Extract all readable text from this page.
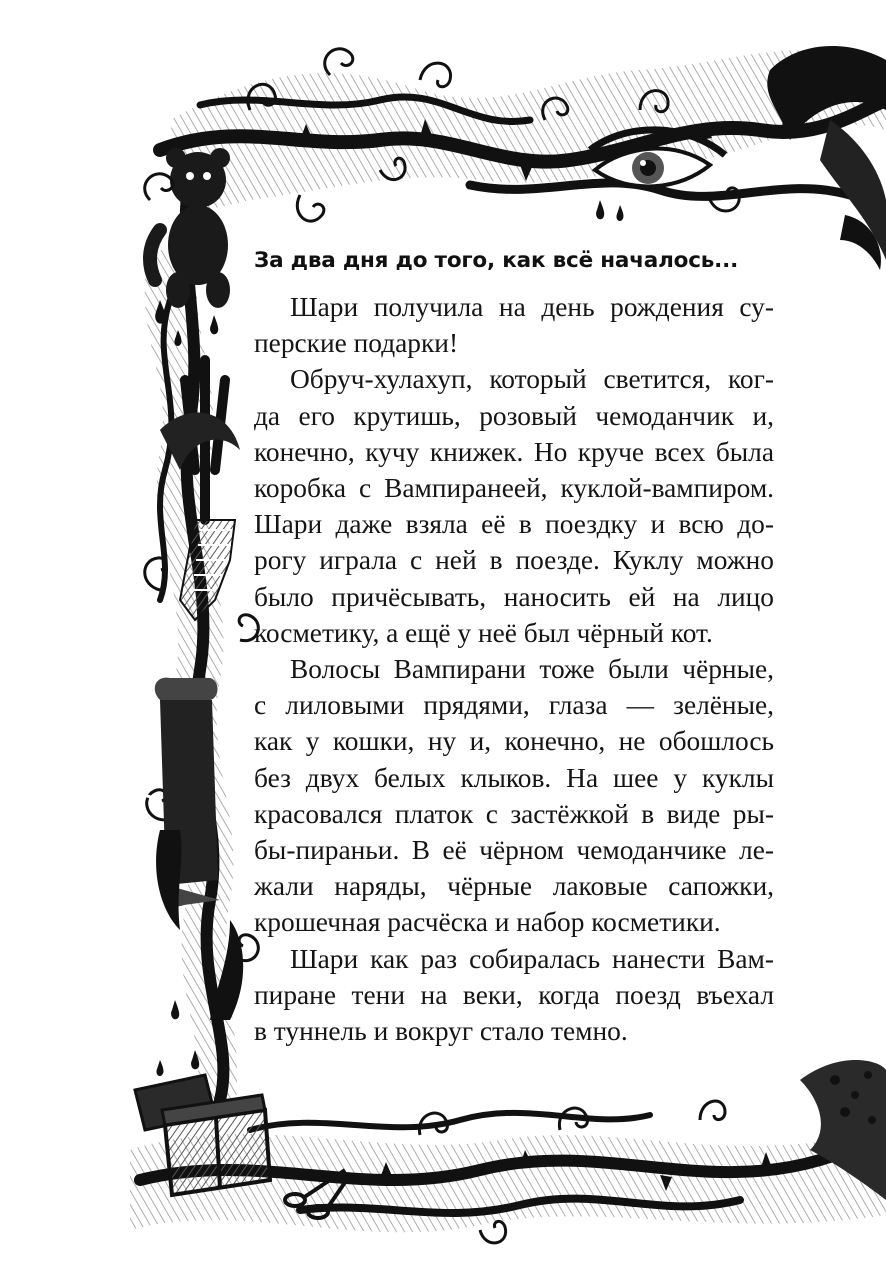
НИКОМУ
За два дня до того, как всё началось...

Шари получила на день рождения су-
перские подарки!

Обруч-хулахуп, который светится, ког-
да его крутишь, розовый чемоданчик и,
конечно, кучу книжек. Но круче всех была
коробка с Вампиранеей, куклой-вампиром.
Шари даже взяла её в поездку и всю до-
рогу играла с ней в поезде. Куклу можно
было причёсывать, наносить ей на лицо
косметику, а ещё у неё был чёрный кот.

Волосы Вампирани тоже были чёрные,
с лиловыми прядями, глаза — зелёные,
как у кошки, ну и, конечно, не обошлось
без двух белых клыков. На шее у куклы
красовался платок с застёжкой в виде ры-
бы-пираньи. В её чёрном чемоданчике ле-
жали наряды, чёрные лаковые сапожки,
крошечная расчёска и набор косметики.

Шари как раз собиралась нанести Вам-
пиране тени на веки, когда поезд въехал
в туннель и вокруг стало темно.
